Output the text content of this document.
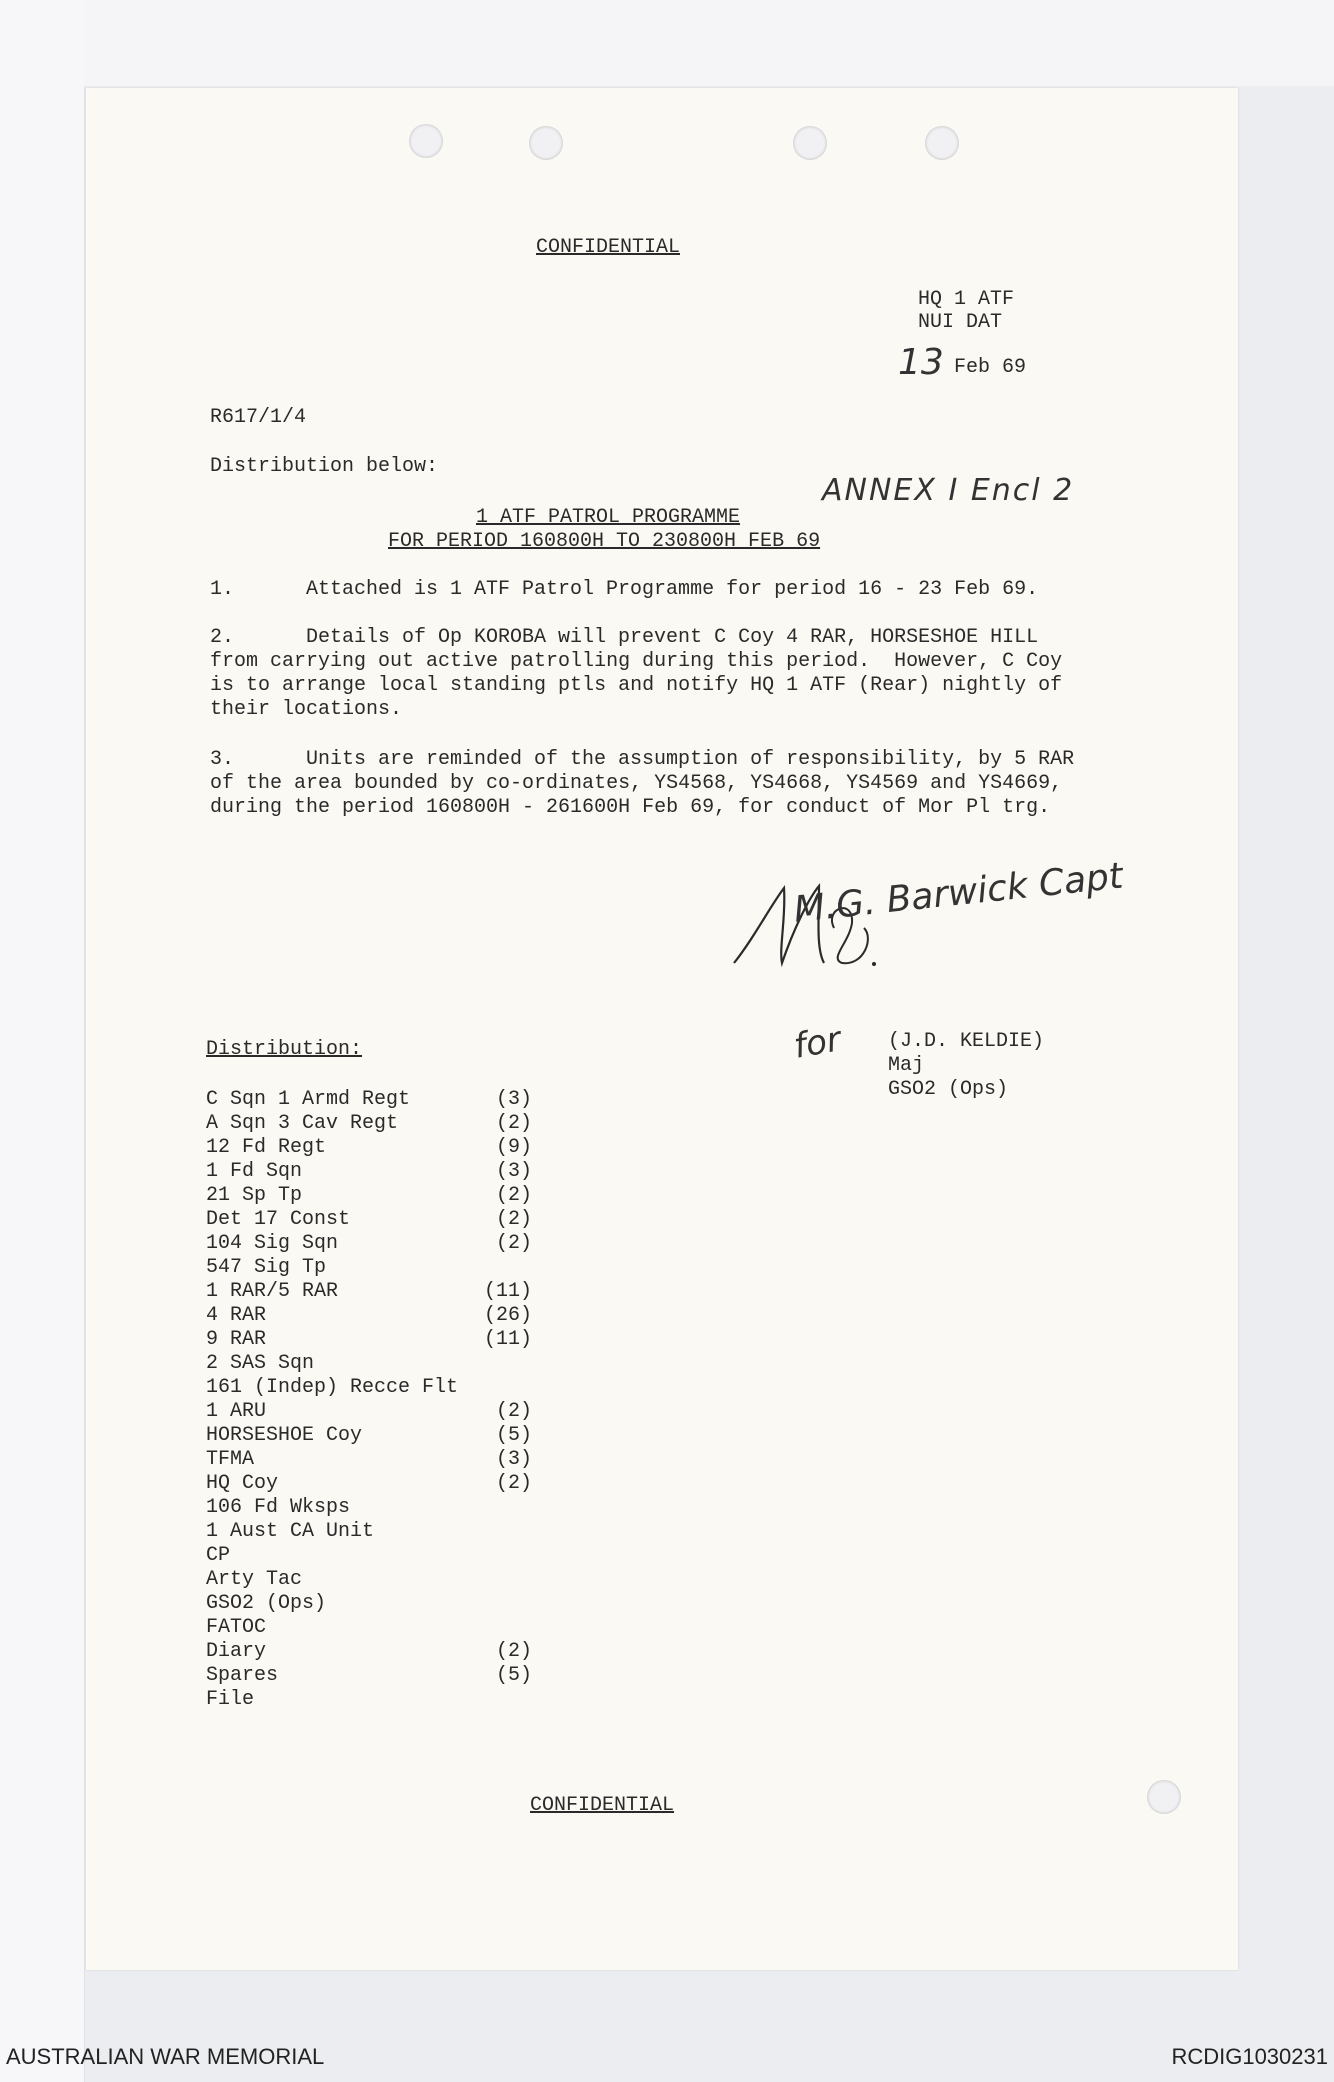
CONFIDENTIAL
HQ 1 ATF
NUI DAT
13 Feb 69
R617/1/4
Distribution below:
ANNEX I Encl 2
1 ATF PATROL PROGRAMME
FOR PERIOD 160800H TO 230800H FEB 69
1.	Attached is 1 ATF Patrol Programme for period 16 - 23 Feb 69.
2.	Details of Op KOROBA will prevent C Coy 4 RAR, HORSESHOE HILL
from carrying out active patrolling during this period.  However, C Coy
is to arrange local standing ptls and notify HQ 1 ATF (Rear) nightly of
their locations.
3.	Units are reminded of the assumption of responsibility, by 5 RAR
of the area bounded by co-ordinates, YS4568, YS4668, YS4569 and YS4669,
during the period 160800H - 261600H Feb 69, for conduct of Mor Pl trg.
M.G. Barwick Capt
for (J.D. KELDIE)
Maj
GSO2 (Ops)
Distribution:
C Sqn 1 Armd Regt	(3)
A Sqn 3 Cav Regt	(2)
12 Fd Regt	(9)
1 Fd Sqn	(3)
21 Sp Tp	(2)
Det 17 Const	(2)
104 Sig Sqn	(2)
547 Sig Tp
1 RAR/5 RAR	(11)
4 RAR	(26)
9 RAR	(11)
2 SAS Sqn
161 (Indep) Recce Flt
1 ARU	(2)
HORSESHOE Coy	(5)
TFMA	(3)
HQ Coy	(2)
106 Fd Wksps
1 Aust CA Unit
CP
Arty Tac
GSO2 (Ops)
FATOC
Diary	(2)
Spares	(5)
File
CONFIDENTIAL
AUSTRALIAN WAR MEMORIAL	RCDIG1030231
